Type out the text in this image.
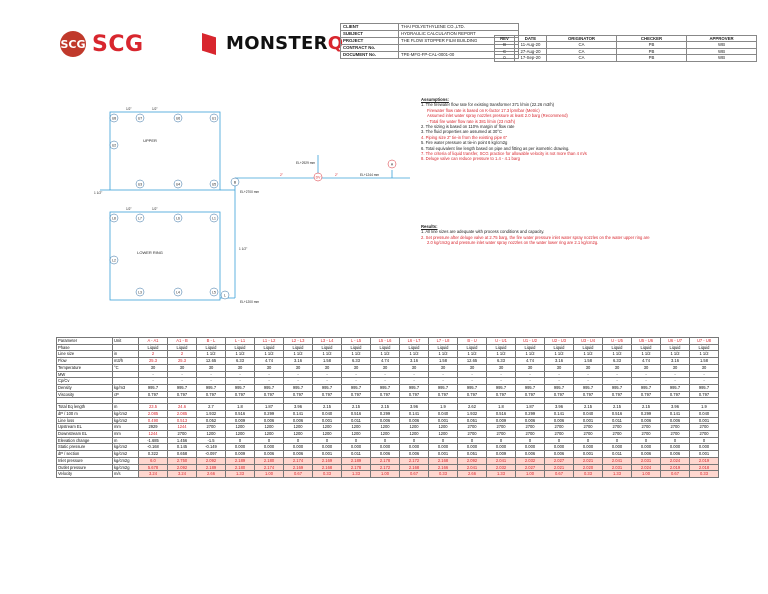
SCG SCG	MONSTERQ
CLIENT	THAI POLYETHYLENE CO.,LTD.
SUBJECT	HYDRAULIC CALCULATION REPORT
PROJECT	THE FLOW STOPPER FILM BUILDING
CONTRACT No.	
DOCUMENT No.	TPE-MFG-FP-CAL-0001-00
REV	DATE	ORIGINATOR	CHECKER	APPROVER
B	11-Aug-20	CA	PB	WB
C	27-Aug-20	CA	PB	WB
0	17-Sep-20	CA	PB	WB
U8	U7	U6	U1
U2
U3	U4	U5
L8	L7	L6	L1
L2
L3	L4	L5
B
A
DV
L
UPPER
LOWER RING
1/2"	1/2"
1 1/2"
1/2"	1/2"
1 1/2"
2"	2"
EL+2929 mm
EL+2700 mm
EL+1200 mm
EL+1244 mm
Assumptions:
1. The firewater flow rate for existing transformer 371 l/min (22.26 m3/h)
Firewater flow rate is based on K-factor 17.3 lpm/bar (Metric)
Assumed inlet water spray nozzles pressure at least 2.0 barg (Recommend)
- Total fire water flow rate is 381 l/min (23 m3/h)
2. The sizing is based on 110% margin of flow rate
3. The fluid properties are assumed at 30°C
4. Piping size 2" tie-in from the existing pipe 6"
5. Fire water pressure at tie-in point 6 kg/cm2g
6. Total equivalent line length based on pipe and fitting as per isometric drawing.
7. The criteria of liquid transfer, SCG practice for allowable velocity is not more than 4 m/s
8. Deluge valve can reduce pressure to 1.4 - 4.1 barg
Results:
1. All line sizes are adequate with process conditions and capacity.
2. Set pressure after deluge valve at 2.75 barg, the fire water pressure inlet water spray nozzles on the water upper ring are
2.0 kg/cm2g and pressure inlet water spray nozzles on the water lower ring are 2.1 kg/cm2g.
Parameter	Unit	A - A1	A1 - B	B - L	L - L1	L1 - L2	L2 - L3	L3 - L4	L - L5	L5 - L6	L6 - L7	L7 - L8	B - U	U - U1	U1 - U2	U2 - U3	U3 - U4	U - U5	U5 - U6	U6 - U7	U7 - U8
Phase		Liquid	Liquid	Liquid	Liquid	Liquid	Liquid	Liquid	Liquid	Liquid	Liquid	Liquid	Liquid	Liquid	Liquid	Liquid	Liquid	Liquid	Liquid	Liquid	Liquid
Line size	in	2	2	1 1/2	1 1/2	1 1/2	1 1/2	1 1/2	1 1/2	1 1/2	1 1/2	1 1/2	1 1/2	1 1/2	1 1/2	1 1/2	1 1/2	1 1/2	1 1/2	1 1/2	1 1/2
Flow	m3/h	25.3	25.3	12.65	6.33	4.74	3.16	1.58	6.33	4.74	3.16	1.58	12.65	6.33	4.74	3.16	1.58	6.33	4.74	3.16	1.58
Temperature	°C	30	30	30	30	30	30	30	30	30	30	30	30	30	30	30	30	30	30	30	30
MW		-	-	-	-	-	-	-	-	-	-	-	-	-	-	-	-	-	-	-	-
Cp/Cv		-	-	-	-	-	-	-	-	-	-	-	-	-	-	-	-	-	-	-	-
Density	kg/m3	995.7	995.7	995.7	995.7	995.7	995.7	995.7	995.7	995.7	995.7	995.7	995.7	995.7	995.7	995.7	995.7	995.7	995.7	995.7	995.7
Viscosity	cP	0.797	0.797	0.797	0.797	0.797	0.797	0.797	0.797	0.797	0.797	0.797	0.797	0.797	0.797	0.797	0.797	0.797	0.797	0.797	0.797

Total Eq length	m	23.5	24.6	2.7	1.8	1.87	3.96	2.15	2.15	2.15	3.96	1.9	2.62	1.8	1.87	3.96	2.15	2.15	2.15	3.96	1.9
dP / 100 m	kg/cm2	2.085	2.085	1.932	0.516	0.299	0.141	0.040	0.516	0.299	0.141	0.040	1.932	0.516	0.299	0.141	0.040	0.516	0.299	0.141	0.040
Line loss	kg/cm2	0.490	0.513	0.052	0.009	0.006	0.006	0.001	0.011	0.006	0.006	0.001	0.051	0.009	0.006	0.006	0.001	0.011	0.006	0.006	0.001
Upstream EL	mm	2929	1244	2700	1200	1200	1200	1200	1200	1200	1200	1200	2700	2700	2700	2700	2700	2700	2700	2700	2700
Downstream EL	mm	1244	2700	1200	1200	1200	1200	1200	1200	1200	1200	1200	2700	2700	2700	2700	2700	2700	2700	2700	2700
Elevation change	m	-1.685	1.456	-1.5	0	0	0	0	0	0	0	0	0	0	0	0	0	0	0	0	0
Static pressure	kg/cm2	-0.168	0.145	-0.149	0.000	0.000	0.000	0.000	0.000	0.000	0.000	0.000	0.000	0.000	0.000	0.000	0.000	0.000	0.000	0.000	0.000
dP / section	kg/cm2	0.322	0.658	-0.097	0.009	0.006	0.006	0.001	0.011	0.006	0.006	0.001	0.051	0.009	0.006	0.006	0.001	0.011	0.006	0.006	0.001
Inlet pressure	kg/cm2g	6.0	2.750	2.092	2.189	2.180	2.174	2.169	2.189	2.178	2.172	2.168	2.092	2.041	2.032	2.027	2.021	2.041	2.031	2.024	2.019
Outlet pressure	kg/cm2g	5.678	2.092	2.189	2.180	2.174	2.169	2.168	2.178	2.172	2.168	2.166	2.041	2.032	2.027	2.021	2.020	2.031	2.024	2.019	2.018
Velocity	m/s	3.24	3.24	2.66	1.33	1.00	0.67	0.33	1.33	1.00	0.67	0.33	2.66	1.33	1.00	0.67	0.33	1.33	1.00	0.67	0.33
